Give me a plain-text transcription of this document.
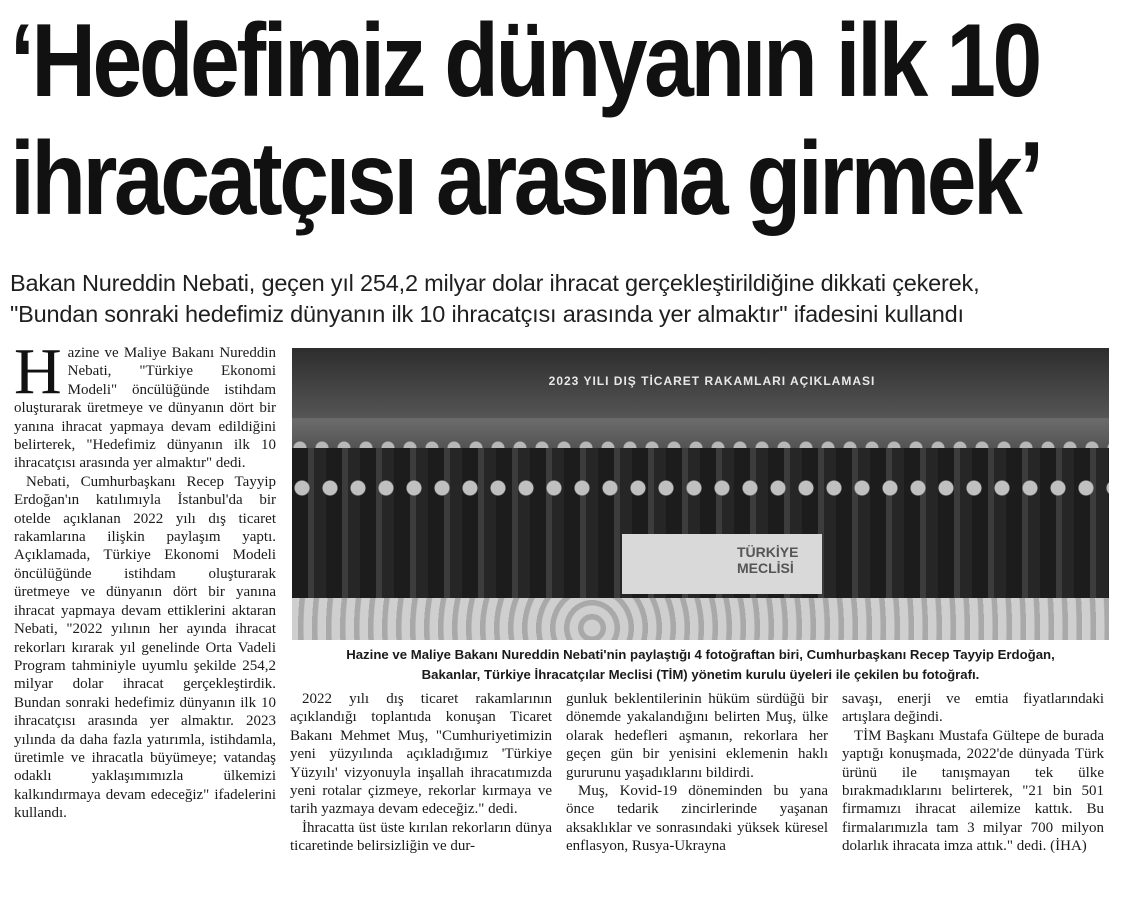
‘Hedefimiz dünyanın ilk 10
ihracatçısı arasına girmek’
Bakan Nureddin Nebati, geçen yıl 254,2 milyar dolar ihracat gerçekleştirildiğine dikkati çekerek,
"Bundan sonraki hedefimiz dünyanın ilk 10 ihracatçısı arasında yer almaktır" ifadesini kullandı

Hazine ve Maliye Bakanı Nureddin Nebati, "Türkiye Ekonomi Modeli" öncülüğünde istihdam oluşturarak üretmeye ve dünyanın dört bir yanına ihracat yapmaya devam edildiğini belirterek, "Hedefimiz dünyanın ilk 10 ihracatçısı arasında yer almaktır" dedi.

Nebati, Cumhurbaşkanı Recep Tayyip Erdoğan'ın katılımıyla İstanbul'da bir otelde açıklanan 2022 yılı dış ticaret rakamlarına ilişkin paylaşım yaptı. Açıklamada, Türkiye Ekonomi Modeli öncülüğünde istihdam oluşturarak üretmeye ve dünyanın dört bir yanına ihracat yapmaya devam ettiklerini aktaran Nebati, "2022 yılının her ayında ihracat rekorları kırarak yıl genelinde Orta Vadeli Program tahminiyle uyumlu şekilde 254,2 milyar dolar ihracat gerçekleştirdik. Bundan sonraki hedefimiz dünyanın ilk 10 ihracatçısı arasında yer almaktır. 2023 yılında da daha fazla yatırımla, istihdamla, üretimle ve ihracatla büyümeye; vatandaş odaklı yaklaşımımızla ülkemizi kalkındırmaya devam edeceğiz" ifadelerini kullandı.

2023 YILI DIŞ TİCARET RAKAMLARI AÇIKLAMASI
TÜRKİYE MECLİSİ
Hazine ve Maliye Bakanı Nureddin Nebati'nin paylaştığı 4 fotoğraftan biri, Cumhurbaşkanı Recep Tayyip Erdoğan,
Bakanlar, Türkiye İhracatçılar Meclisi (TİM) yönetim kurulu üyeleri ile çekilen bu fotoğrafı.

2022 yılı dış ticaret rakamlarının açıklandığı toplantıda konuşan Ticaret Bakanı Mehmet Muş, "Cumhuriyetimizin yeni yüzyılında açıkladığımız 'Türkiye Yüzyılı' vizyonuyla inşallah ihracatımızda yeni rotalar çizmeye, rekorlar kırmaya ve tarih yazmaya devam edeceğiz." dedi.

İhracatta üst üste kırılan rekorların dünya ticaretinde belirsizliğin ve dur-

gunluk beklentilerinin hüküm sürdüğü bir dönemde yakalandığını belirten Muş, ülke olarak hedefleri aşmanın, rekorlara her geçen gün bir yenisini eklemenin haklı gururunu yaşadıklarını bildirdi.

Muş, Kovid-19 döneminden bu yana önce tedarik zincirlerinde yaşanan aksaklıklar ve sonrasındaki yüksek küresel enflasyon, Rusya-Ukrayna

savaşı, enerji ve emtia fiyatlarındaki artışlara değindi.

TİM Başkanı Mustafa Gültepe de burada yaptığı konuşmada, 2022'de dünyada Türk ürünü ile tanışmayan tek ülke bırakmadıklarını belirterek, "21 bin 501 firmamızı ihracat ailemize kattık. Bu firmalarımızla tam 3 milyar 700 milyon dolarlık ihracata imza attık." dedi. (İHA)
